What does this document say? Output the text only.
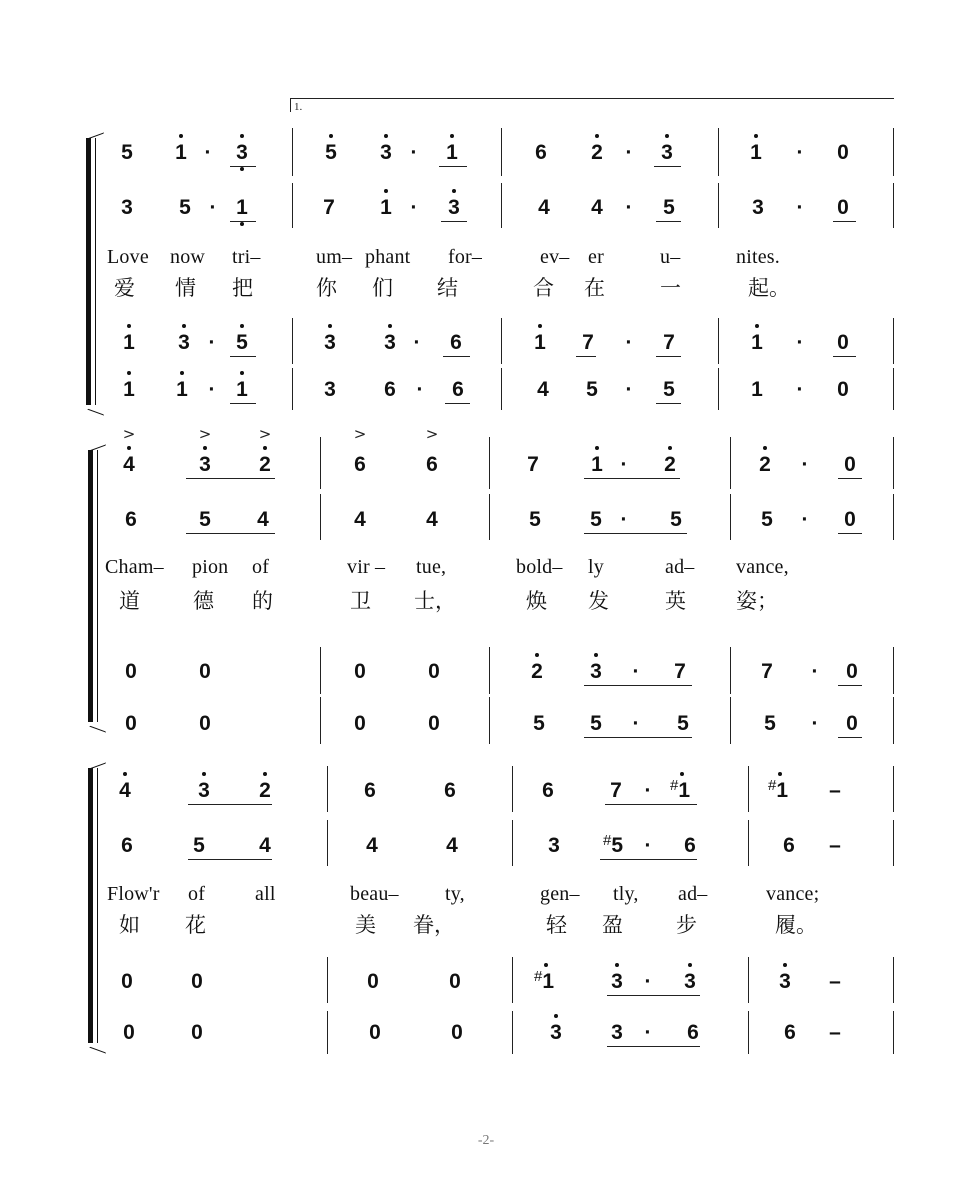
1.
5 1 ·	3	5 3 ·	1	6 2	·	3	1	·	0
3 5 · 1	7 1 ·	3	4 4	·	5	3	·	0
1 3 · 5	3 3 ·	6	1 7	·	7	1	·	0
1 1 · 1	3 6 ·	6	4 5	·	5	1	·	0
Love now tri–	um– phant for–	ev– er	u–	nites.
爱 情 把	你 们 结	合 在	一	起。
>	>	>	>	>
4	3 2	6	6	7 1 ·	2	2	·	0
6	5 4	4	4	5 5 ·	5	5	·	0
0	0	0	0	2 3	·	7	7	·	0
0	0	0	0	5 5	·	5	5	·	0
Cham– pion of	vir – tue,	bold– ly	ad– vance,
道	德 的	卫 士，	焕 发	英 姿；
4	3 2	6	6	6	7	·	#1	#1 –
6	5	4	4	4	3	#5	·	6	6 –
0	0	0	0	#1	3	·	3	3 –
0	0	0	0	3 3	·	6	6 –
Flow'r of all	beau– ty,	gen– tly, ad–	vance;
如 花	美 眷，	轻 盈	步	履。
-2-
